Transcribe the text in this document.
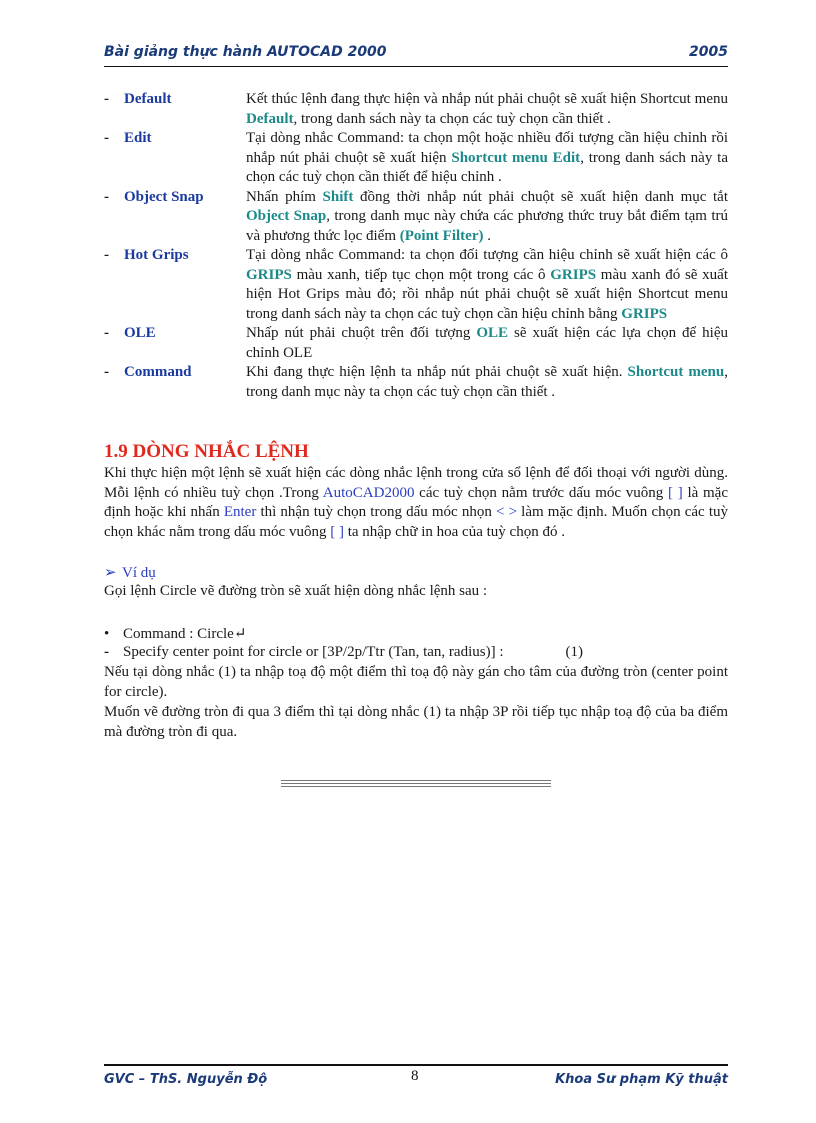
Bài giảng thực hành AUTOCAD 2000	2005
- Default	Kết thúc lệnh đang thực hiện và nhắp nút phải chuột sẽ xuất hiện Shortcut menu Default, trong danh sách này ta chọn các tuỳ chọn cần thiết .
- Edit	Tại dòng nhắc Command: ta chọn một hoặc nhiều đối tượng cần hiệu chỉnh rồi nhắp nút phải chuột sẽ xuất hiện Shortcut menu Edit, trong danh sách này ta chọn các tuỳ chọn cần thiết để hiệu chỉnh .
- Object Snap	Nhấn phím Shift đồng thời nhắp nút phải chuột sẽ xuất hiện danh mục tắt Object Snap, trong danh mục này chứa các phương thức truy bắt điểm tạm trú và phương thức lọc điểm (Point Filter) .
- Hot Grips	Tại dòng nhắc Command: ta chọn đối tượng cần hiệu chỉnh sẽ xuất hiện các ô GRIPS màu xanh, tiếp tục chọn một trong các ô GRIPS màu xanh đó sẽ xuất hiện Hot Grips màu đỏ; rồi nhắp nút phải chuột sẽ xuất hiện Shortcut menu trong danh sách này ta chọn các tuỳ chọn cần hiệu chỉnh bằng GRIPS
- OLE	Nhấp nút phải chuột trên đối tượng OLE sẽ xuất hiện các lựa chọn để hiệu chỉnh OLE
- Command	Khi đang thực hiện lệnh ta nhắp nút phải chuột sẽ xuất hiện. Shortcut menu, trong danh mục này ta chọn các tuỳ chọn cần thiết .
1.9 DÒNG NHẮC LỆNH
Khi thực hiện một lệnh sẽ xuất hiện các dòng nhắc lệnh trong cửa sổ lệnh để đối thoại với người dùng. Mỗi lệnh có nhiều tuỳ chọn .Trong AutoCAD2000 các tuỳ chọn nằm trước dấu móc vuông [ ] là mặc định hoặc khi nhấn Enter thì nhận tuỳ chọn trong dấu móc nhọn < > làm mặc định. Muốn chọn các tuỳ chọn khác nằm trong dấu móc vuông [ ] ta nhập chữ in hoa của tuỳ chọn đó .
➢ Ví dụ
Gọi lệnh Circle vẽ đường tròn sẽ xuất hiện dòng nhắc lệnh sau :
• Command : Circle↵
- Specify center point for circle or [3P/2p/Ttr (Tan, tan, radius)] :	(1)
Nếu tại dòng nhắc (1) ta nhập toạ độ một điểm thì toạ độ này gán cho tâm của đường tròn (center point for circle).
Muốn vẽ đường tròn đi qua 3 điểm thì tại dòng nhắc (1) ta nhập 3P rồi tiếp tục nhập toạ độ của ba điểm mà đường tròn đi qua.
GVC – ThS. Nguyễn Độ	8	Khoa Sư phạm Kỹ thuật
